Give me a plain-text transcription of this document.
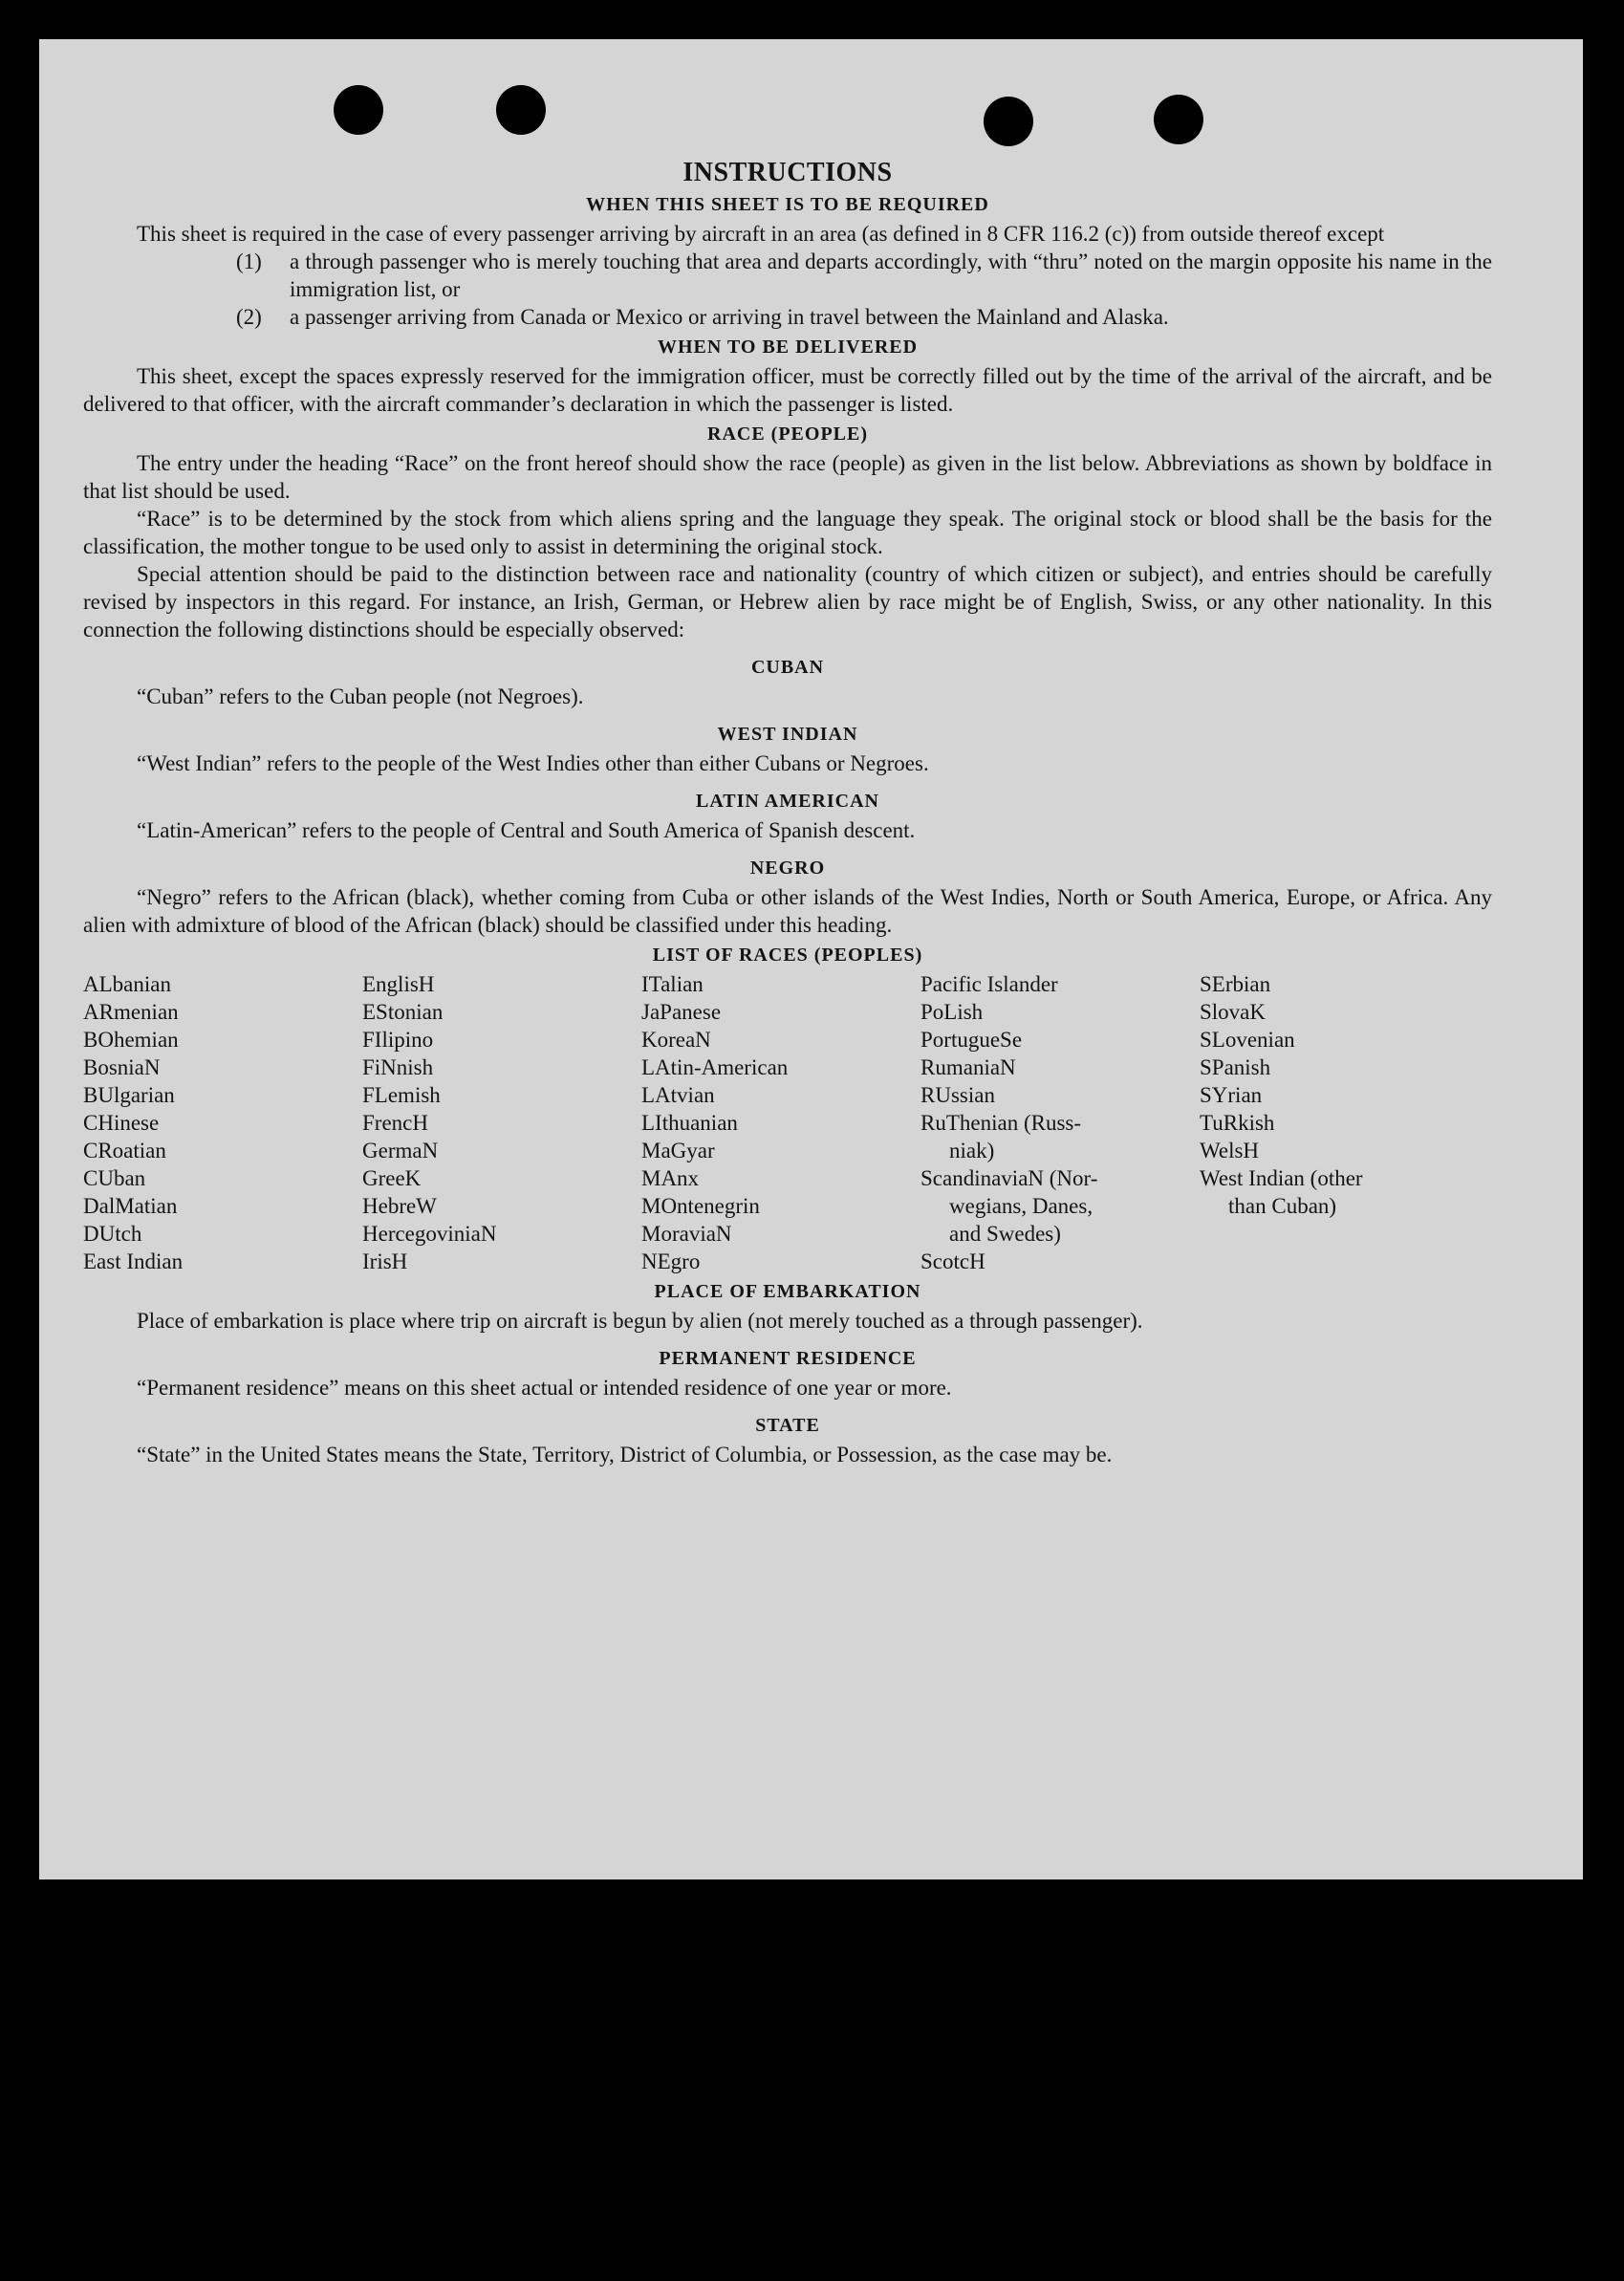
INSTRUCTIONS
WHEN THIS SHEET IS TO BE REQUIRED

This sheet is required in the case of every passenger arriving by aircraft in an area (as defined in 8 CFR 116.2 (c)) from outside thereof except

(1)	a through passenger who is merely touching that area and departs accordingly, with “thru” noted on the margin opposite his name in the immigration list, or
(2)	a passenger arriving from Canada or Mexico or arriving in travel between the Mainland and Alaska.
WHEN TO BE DELIVERED

This sheet, except the spaces expressly reserved for the immigration officer, must be correctly filled out by the time of the arrival of the aircraft, and be delivered to that officer, with the aircraft commander’s declaration in which the passenger is listed.

RACE (PEOPLE)

The entry under the heading “Race” on the front hereof should show the race (people) as given in the list below. Abbreviations as shown by boldface in that list should be used.

“Race” is to be determined by the stock from which aliens spring and the language they speak. The original stock or blood shall be the basis for the classification, the mother tongue to be used only to assist in determining the original stock.

Special attention should be paid to the distinction between race and nationality (country of which citizen or subject), and entries should be carefully revised by inspectors in this regard. For instance, an Irish, German, or Hebrew alien by race might be of English, Swiss, or any other nationality. In this connection the following distinctions should be especially observed:

CUBAN

“Cuban” refers to the Cuban people (not Negroes).

WEST INDIAN

“West Indian” refers to the people of the West Indies other than either Cubans or Negroes.

LATIN AMERICAN

“Latin-American” refers to the people of Central and South America of Spanish descent.

NEGRO

“Negro” refers to the African (black), whether coming from Cuba or other islands of the West Indies, North or South America, Europe, or Africa. Any alien with admixture of blood of the African (black) should be classified under this heading.

LIST OF RACES (PEOPLES)
ALbanian
ARmenian
BOhemian
BosniaN
BUlgarian
CHinese
CRoatian
CUban
DalMatian
DUtch
East Indian
EnglisH
EStonian
FIlipino
FiNnish
FLemish
FrencH
GermaN
GreeK
HebreW
HercegoviniaN
IrisH
ITalian
JaPanese
KoreaN
LAtin-American
LAtvian
LIthuanian
MaGyar
MAnx
MOntenegrin
MoraviaN
NEgro
Pacific Islander
PoLish
PortugueSe
RumaniaN
RUssian
RuThenian (Russ-
niak)
ScandinaviaN (Nor-
wegians, Danes,
and Swedes)
ScotcH
SErbian
SlovaK
SLovenian
SPanish
SYrian
TuRkish
WelsH
West Indian (other
than Cuban)
PLACE OF EMBARKATION

Place of embarkation is place where trip on aircraft is begun by alien (not merely touched as a through passenger).

PERMANENT RESIDENCE

“Permanent residence” means on this sheet actual or intended residence of one year or more.

STATE

“State” in the United States means the State, Territory, District of Columbia, or Possession, as the case may be.
